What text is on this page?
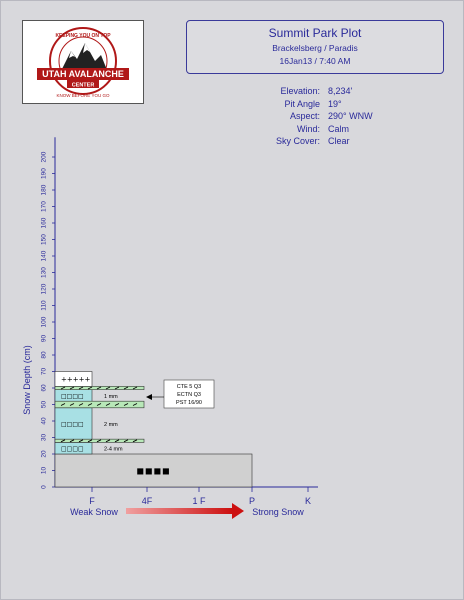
UTAH AVALANCHE
CENTER
KEEPING YOU ON TOP
KNOW BEFORE YOU GO
Summit Park Plot
Brackelsberg / Paradis
16Jan13 / 7:40 AM
Elevation: 8,234'
Pit Angle 19°
Aspect: 290° WNW
Wind: Calm
Sky Cover: Clear
Snow Depth (cm)
0
10
20
30
40
50
60
70
80
90
100
110
120
130
140
150
160
170
180
190
200
■■■■
□□□□	2-4 mm
□□□□	2 mm
□□□□	1 mm
+++++
F	4F	1 F	P	K
Weak Snow	Strong Snow
CTE 5 Q3
ECTN Q3
PST 16/90
